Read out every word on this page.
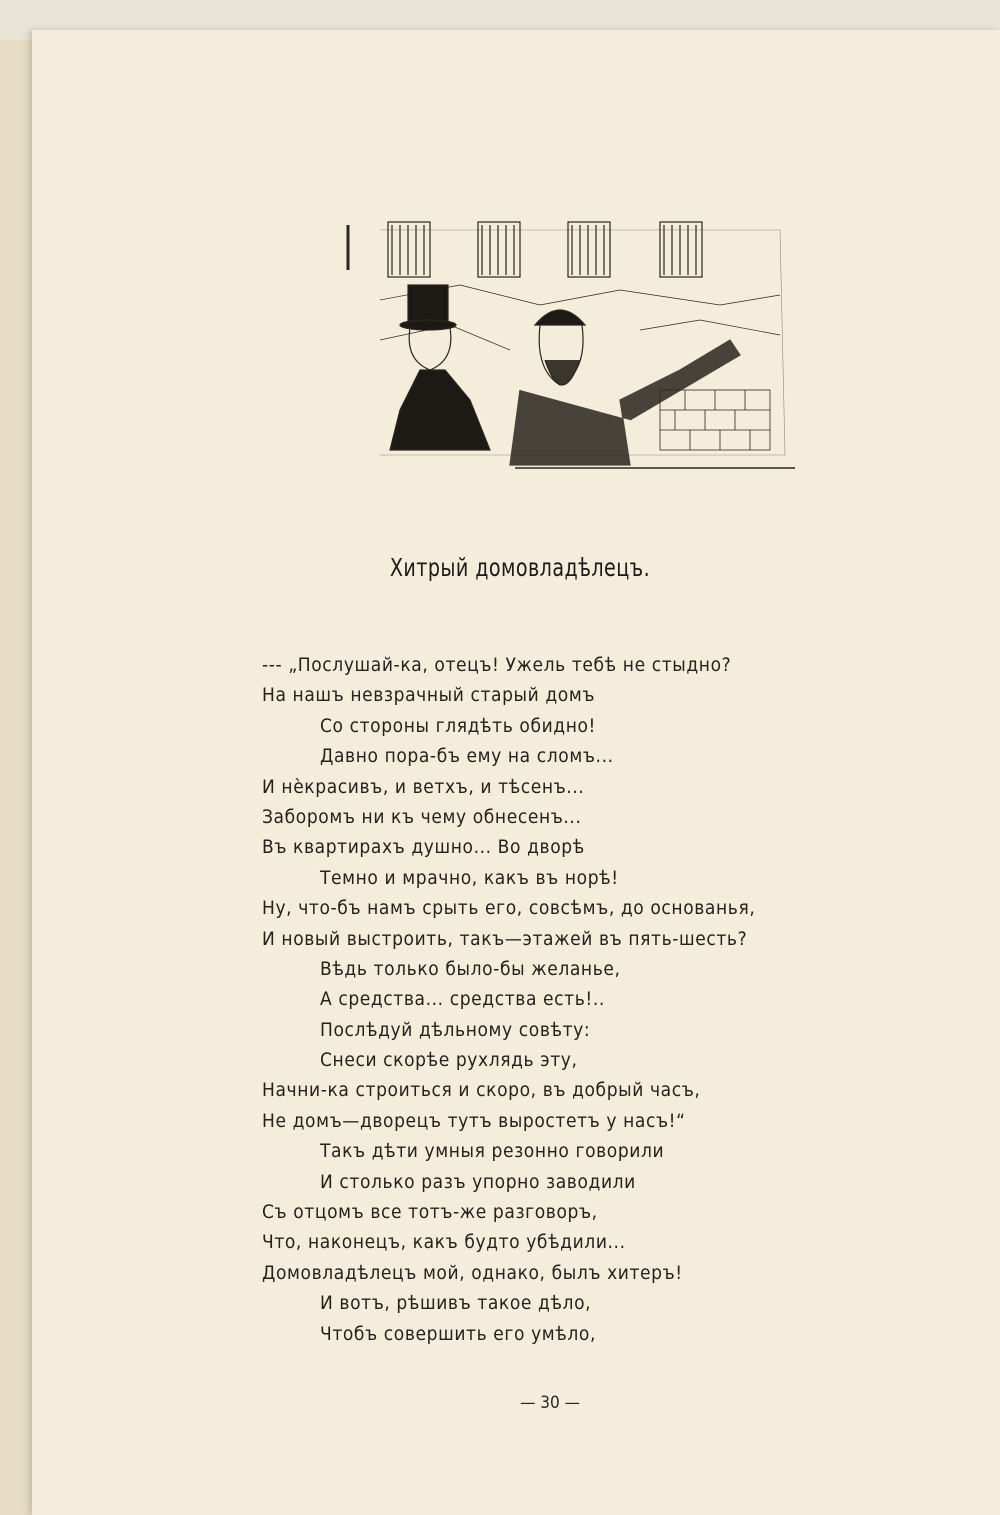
Хитрый домовладѣлецъ.
--- „Послушай-ка, отецъ! Ужель тебѣ не стыдно?
На нашъ невзрачный старый домъ
Со стороны глядѣть обидно!
Давно пора-бъ ему на сломъ...
И нѐкрасивъ, и ветхъ, и тѣсенъ...
Заборомъ ни къ чему обнесенъ...
Въ квартирахъ душно... Во дворѣ
Темно и мрачно, какъ въ норѣ!
Ну, что-бъ намъ срыть его, совсѣмъ, до основанья,
И новый выстроить, такъ—этажей въ пять-шесть?
Вѣдь только было-бы желанье,
А средства... средства есть!..
Послѣдуй дѣльному совѣту:
Снеси скорѣе рухлядь эту,
Начни-ка строиться и скоро, въ добрый часъ,
Не домъ—дворецъ тутъ выростетъ у насъ!“
Такъ дѣти умныя резонно говорили
И столько разъ упорно заводили
Съ отцомъ все тотъ-же разговоръ,
Что, наконецъ, какъ будто убѣдили...
Домовладѣлецъ мой, однако, былъ хитеръ!
И вотъ, рѣшивъ такое дѣло,
Чтобъ совершить его умѣло,
— 30 —
